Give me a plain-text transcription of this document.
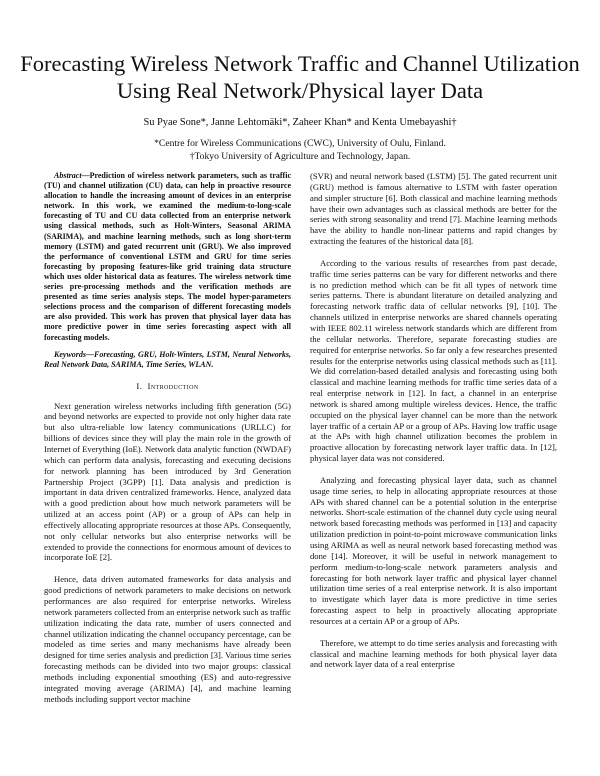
Forecasting Wireless Network Traffic and Channel Utilization Using Real Network/Physical layer Data
Su Pyae Sone*, Janne Lehtomäki*, Zaheer Khan* and Kenta Umebayashi†
*Centre for Wireless Communications (CWC), University of Oulu, Finland.
†Tokyo University of Agriculture and Technology, Japan.

Abstract—Prediction of wireless network parameters, such as traffic (TU) and channel utilization (CU) data, can help in proactive resource allocation to handle the increasing amount of devices in an enterprise network. In this work, we examined the medium-to-long-scale forecasting of TU and CU data collected from an enterprise network using classical methods, such as Holt-Winters, Seasonal ARIMA (SARIMA), and machine learning methods, such as long short-term memory (LSTM) and gated recurrent unit (GRU). We also improved the performance of conventional LSTM and GRU for time series forecasting by proposing features-like grid training data structure which uses older historical data as features. The wireless network time series pre-processing methods and the verification methods are presented as time series analysis steps. The model hyper-parameters selections process and the comparison of different forecasting models are also provided. This work has proven that physical layer data has more predictive power in time series forecasting aspect with all forecasting models.

Keywords—Forecasting, GRU, Holt-Winters, LSTM, Neural Networks, Real Network Data, SARIMA, Time Series, WLAN.

I. Introduction

Next generation wireless networks including fifth generation (5G) and beyond networks are expected to provide not only higher data rate but also ultra-reliable low latency communications (URLLC) for billions of devices since they will play the main role in the growth of Internet of Everything (IoE). Network data analytic function (NWDAF) which can perform data analysis, forecasting and executing decisions for network planning has been introduced by 3rd Generation Partnership Project (3GPP) [1]. Data analysis and prediction is important in data driven centralized frameworks. Hence, analyzed data with a good prediction about how much network parameters will be utilized at an access point (AP) or a group of APs can help in effectively allocating appropriate resources at those APs. Consequently, not only cellular networks but also enterprise networks will be extended to provide the connections for enormous amount of devices to incorporate IoE [2].

Hence, data driven automated frameworks for data analysis and good predictions of network parameters to make decisions on network performances are also required for enterprise networks. Wireless network parameters collected from an enterprise network such as traffic utilization indicating the data rate, number of users connected and channel utilization indicating the channel occupancy percentage, can be modeled as time series and many mechanisms have already been designed for time series analysis and prediction [3]. Various time series forecasting methods can be divided into two major groups: classical methods including exponential smoothing (ES) and auto-regressive integrated moving average (ARIMA) [4], and machine learning methods including support vector machine

(SVR) and neural network based (LSTM) [5]. The gated recurrent unit (GRU) method is famous alternative to LSTM with faster operation and simpler structure [6]. Both classical and machine learning methods have their own advantages such as classical methods are better for the series with strong seasonality and trend [7]. Machine learning methods have the ability to handle non-linear patterns and rapid changes by extracting the features of the historical data [8].

According to the various results of researches from past decade, traffic time series patterns can be vary for different networks and there is no prediction method which can be fit all types of network time series patterns. There is abundant literature on detailed analyzing and forecasting network traffic data of cellular networks [9], [10]. The channels utilized in enterprise networks are shared channels operating with IEEE 802.11 wireless network standards which are different from the cellular networks. Therefore, separate forecasting studies are required for enterprise networks. So far only a few researches presented results for the enterprise networks using classical methods such as [11]. We did correlation-based detailed analysis and forecasting using both classical and machine learning methods for traffic time series data of a real enterprise network in [12]. In fact, a channel in an enterprise network is shared among multiple wireless devices. Hence, the traffic occupied on the physical layer channel can be more than the network layer traffic of a certain AP or a group of APs. Having low traffic usage at the APs with high channel utilization becomes the problem in proactive allocation by forecasting network layer traffic data. In [12], physical layer data was not considered.

Analyzing and forecasting physical layer data, such as channel usage time series, to help in allocating appropriate resources at those APs with shared channel can be a potential solution in the enterprise networks. Short-scale estimation of the channel duty cycle using neural network based forecasting methods was performed in [13] and capacity utilization prediction in point-to-point microwave communication links using ARIMA as well as neural network based forecasting method was done [14]. Moreover, it will be useful in network management to perform medium-to-long-scale network parameters analysis and forecasting for both network layer traffic and physical layer channel utilization time series of a real enterprise network. It is also important to investigate which layer data is more predictive in time series forecasting aspect to help in proactively allocating appropriate resources at a certain AP or a group of APs.

Therefore, we attempt to do time series analysis and forecasting with classical and machine learning methods for both physical layer data and network layer data of a real enterprise
